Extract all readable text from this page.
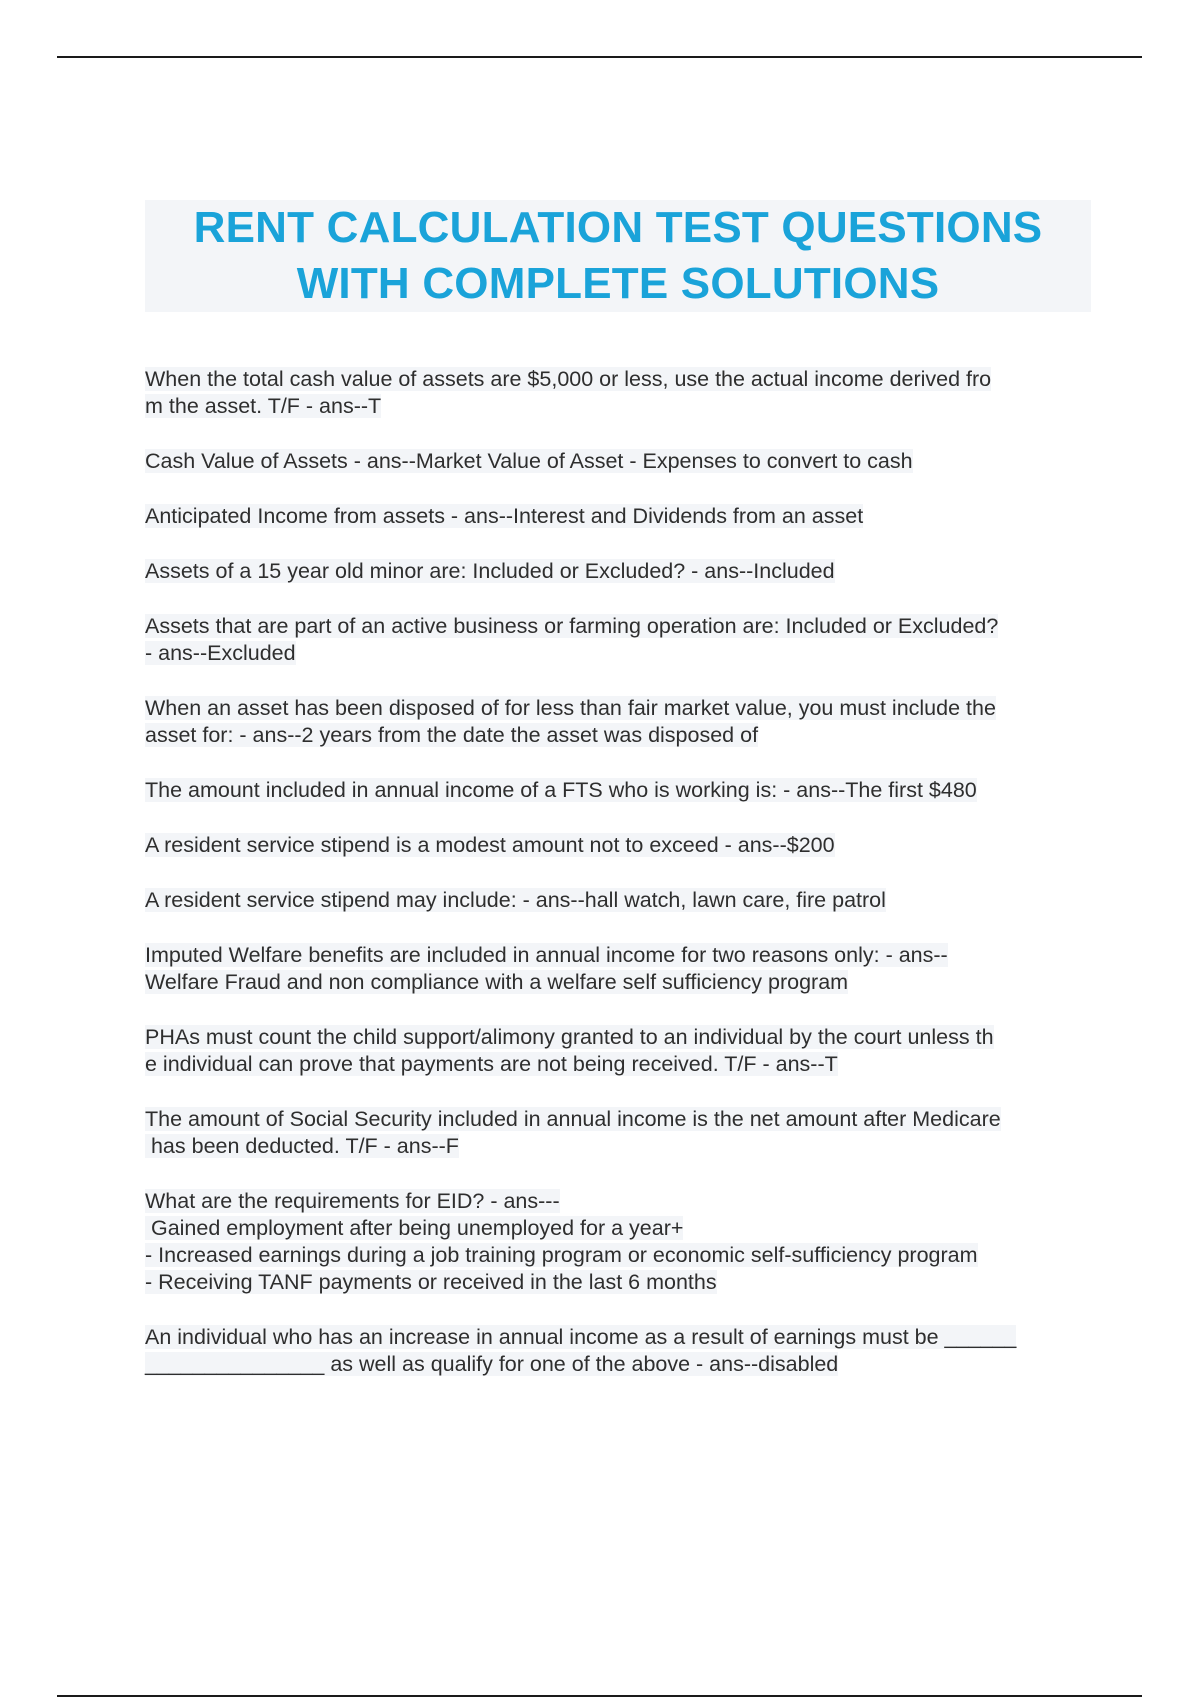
RENT CALCULATION TEST QUESTIONS
WITH COMPLETE SOLUTIONS
When the total cash value of assets are $5,000 or less, use the actual income derived fro
m the asset. T/F - ans--T
Cash Value of Assets - ans--Market Value of Asset - Expenses to convert to cash
Anticipated Income from assets - ans--Interest and Dividends from an asset
Assets of a 15 year old minor are: Included or Excluded? - ans--Included
Assets that are part of an active business or farming operation are: Included or Excluded?
- ans--Excluded
When an asset has been disposed of for less than fair market value, you must include the
asset for: - ans--2 years from the date the asset was disposed of
The amount included in annual income of a FTS who is working is: - ans--The first $480
A resident service stipend is a modest amount not to exceed - ans--$200
A resident service stipend may include: - ans--hall watch, lawn care, fire patrol
Imputed Welfare benefits are included in annual income for two reasons only: - ans--
Welfare Fraud and non compliance with a welfare self sufficiency program
PHAs must count the child support/alimony granted to an individual by the court unless th
e individual can prove that payments are not being received. T/F - ans--T
The amount of Social Security included in annual income is the net amount after Medicare
has been deducted. T/F - ans--F
What are the requirements for EID? - ans---
Gained employment after being unemployed for a year+
- Increased earnings during a job training program or economic self-sufficiency program
- Receiving TANF payments or received in the last 6 months
An individual who has an increase in annual income as a result of earnings must be ______
_______________ as well as qualify for one of the above - ans--disabled
